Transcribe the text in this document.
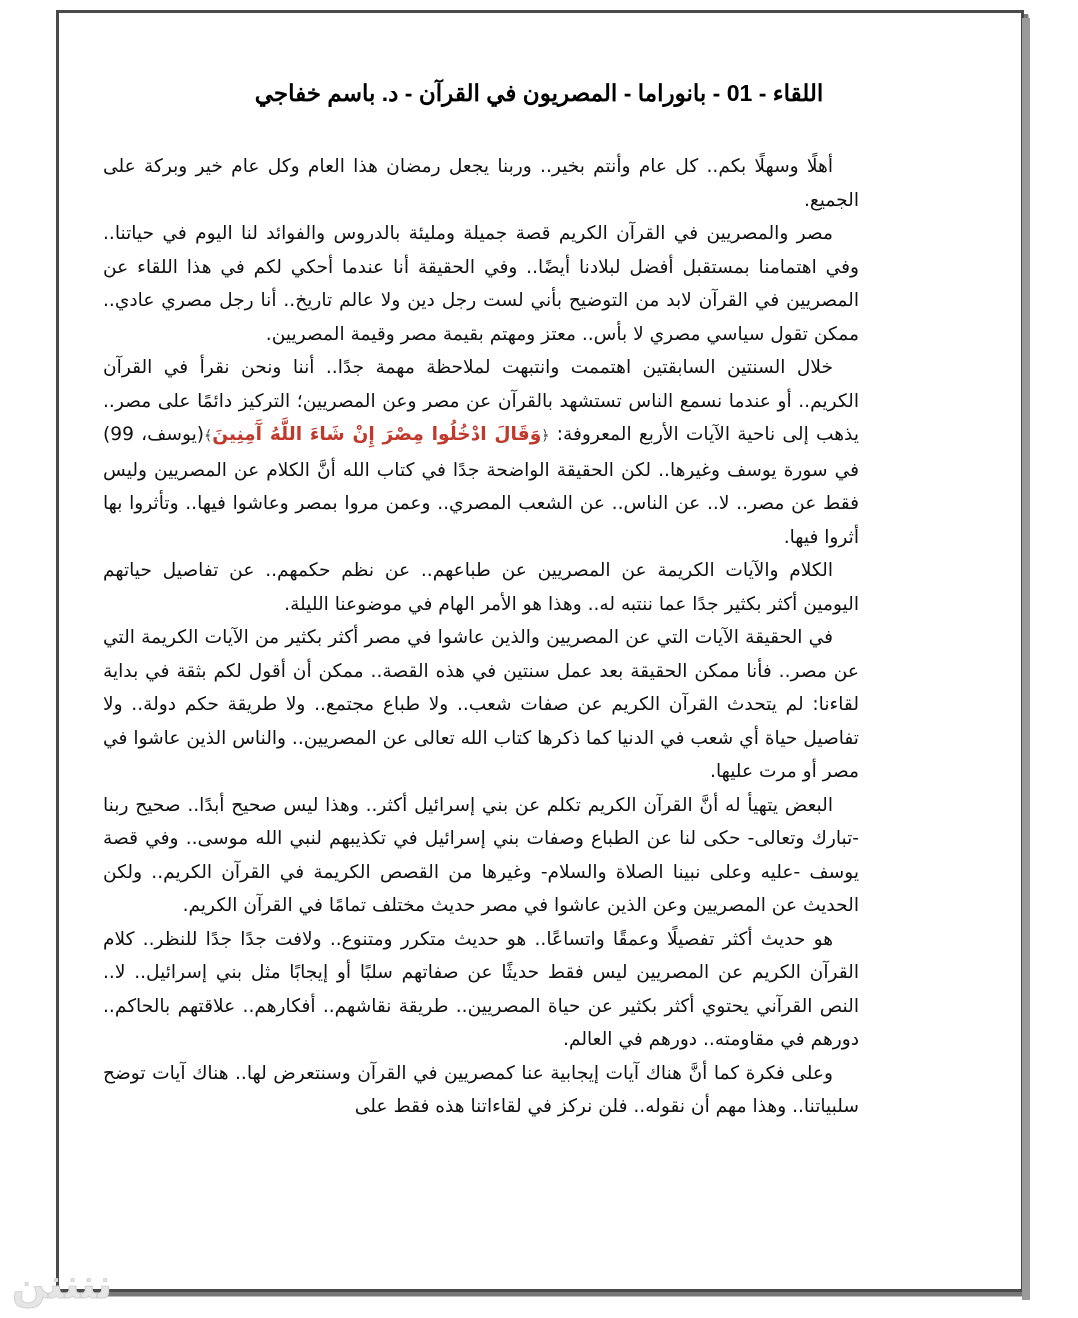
اللقاء - 01 - بانوراما - المصريون في القرآن - د. باسم خفاجي

أهلًا وسهلًا بكم.. كل عام وأنتم بخير.. وربنا يجعل رمضان هذا العام وكل عام خير وبركة على الجميع.

مصر والمصريين في القرآن الكريم قصة جميلة ومليئة بالدروس والفوائد لنا اليوم في حياتنا.. وفي اهتمامنا بمستقبل أفضل لبلادنا أيضًا.. وفي الحقيقة أنا عندما أحكي لكم في هذا اللقاء عن المصريين في القرآن لابد من التوضيح بأني لست رجل دين ولا عالم تاريخ.. أنا رجل مصري عادي.. ممكن تقول سياسي مصري لا بأس.. معتز ومهتم بقيمة مصر وقيمة المصريين.

خلال السنتين السابقتين اهتممت وانتبهت لملاحظة مهمة جدًا.. أننا ونحن نقرأ في القرآن الكريم.. أو عندما نسمع الناس تستشهد بالقرآن عن مصر وعن المصريين؛ التركيز دائمًا على مصر.. يذهب إلى ناحية الآيات الأربع المعروفة: ﴿وَقَالَ ادْخُلُوا مِصْرَ إِنْ شَاءَ اللَّهُ آَمِنِينَ﴾(يوسف، 99) في سورة يوسف وغيرها.. لكن الحقيقة الواضحة جدًا في كتاب الله أنَّ الكلام عن المصريين وليس فقط عن مصر.. لا.. عن الناس.. عن الشعب المصري.. وعمن مروا بمصر وعاشوا فيها.. وتأثروا بها أثروا فيها.

الكلام والآيات الكريمة عن المصريين عن طباعهم.. عن نظم حكمهم.. عن تفاصيل حياتهم اليومين أكثر بكثير جدًا عما ننتبه له.. وهذا هو الأمر الهام في موضوعنا الليلة.

في الحقيقة الآيات التي عن المصريين والذين عاشوا في مصر أكثر بكثير من الآيات الكريمة التي عن مصر.. فأنا ممكن الحقيقة بعد عمل سنتين في هذه القصة.. ممكن أن أقول لكم بثقة في بداية لقاءنا: لم يتحدث القرآن الكريم عن صفات شعب.. ولا طباع مجتمع.. ولا طريقة حكم دولة.. ولا تفاصيل حياة أي شعب في الدنيا كما ذكرها كتاب الله تعالى عن المصريين.. والناس الذين عاشوا في مصر أو مرت عليها.

البعض يتهيأ له أنَّ القرآن الكريم تكلم عن بني إسرائيل أكثر.. وهذا ليس صحيح أبدًا.. صحيح ربنا -تبارك وتعالى- حكى لنا عن الطباع وصفات بني إسرائيل في تكذيبهم لنبي الله موسى.. وفي قصة يوسف -عليه وعلى نبينا الصلاة والسلام- وغيرها من القصص الكريمة في القرآن الكريم.. ولكن الحديث عن المصريين وعن الذين عاشوا في مصر حديث مختلف تمامًا في القرآن الكريم.

هو حديث أكثر تفصيلًا وعمقًا واتساعًا.. هو حديث متكرر ومتنوع.. ولافت جدًا جدًا للنظر.. كلام القرآن الكريم عن المصريين ليس فقط حديثًا عن صفاتهم سلبًا أو إيجابًا مثل بني إسرائيل.. لا.. النص القرآني يحتوي أكثر بكثير عن حياة المصريين.. طريقة نقاشهم.. أفكارهم.. علاقتهم بالحاكم.. دورهم في مقاومته.. دورهم في العالم.

وعلى فكرة كما أنَّ هناك آيات إيجابية عنا كمصريين في القرآن وسنتعرض لها.. هناك آيات توضح سلبياتنا.. وهذا مهم أن نقوله.. فلن نركز في لقاءاتنا هذه فقط على

ننننن
